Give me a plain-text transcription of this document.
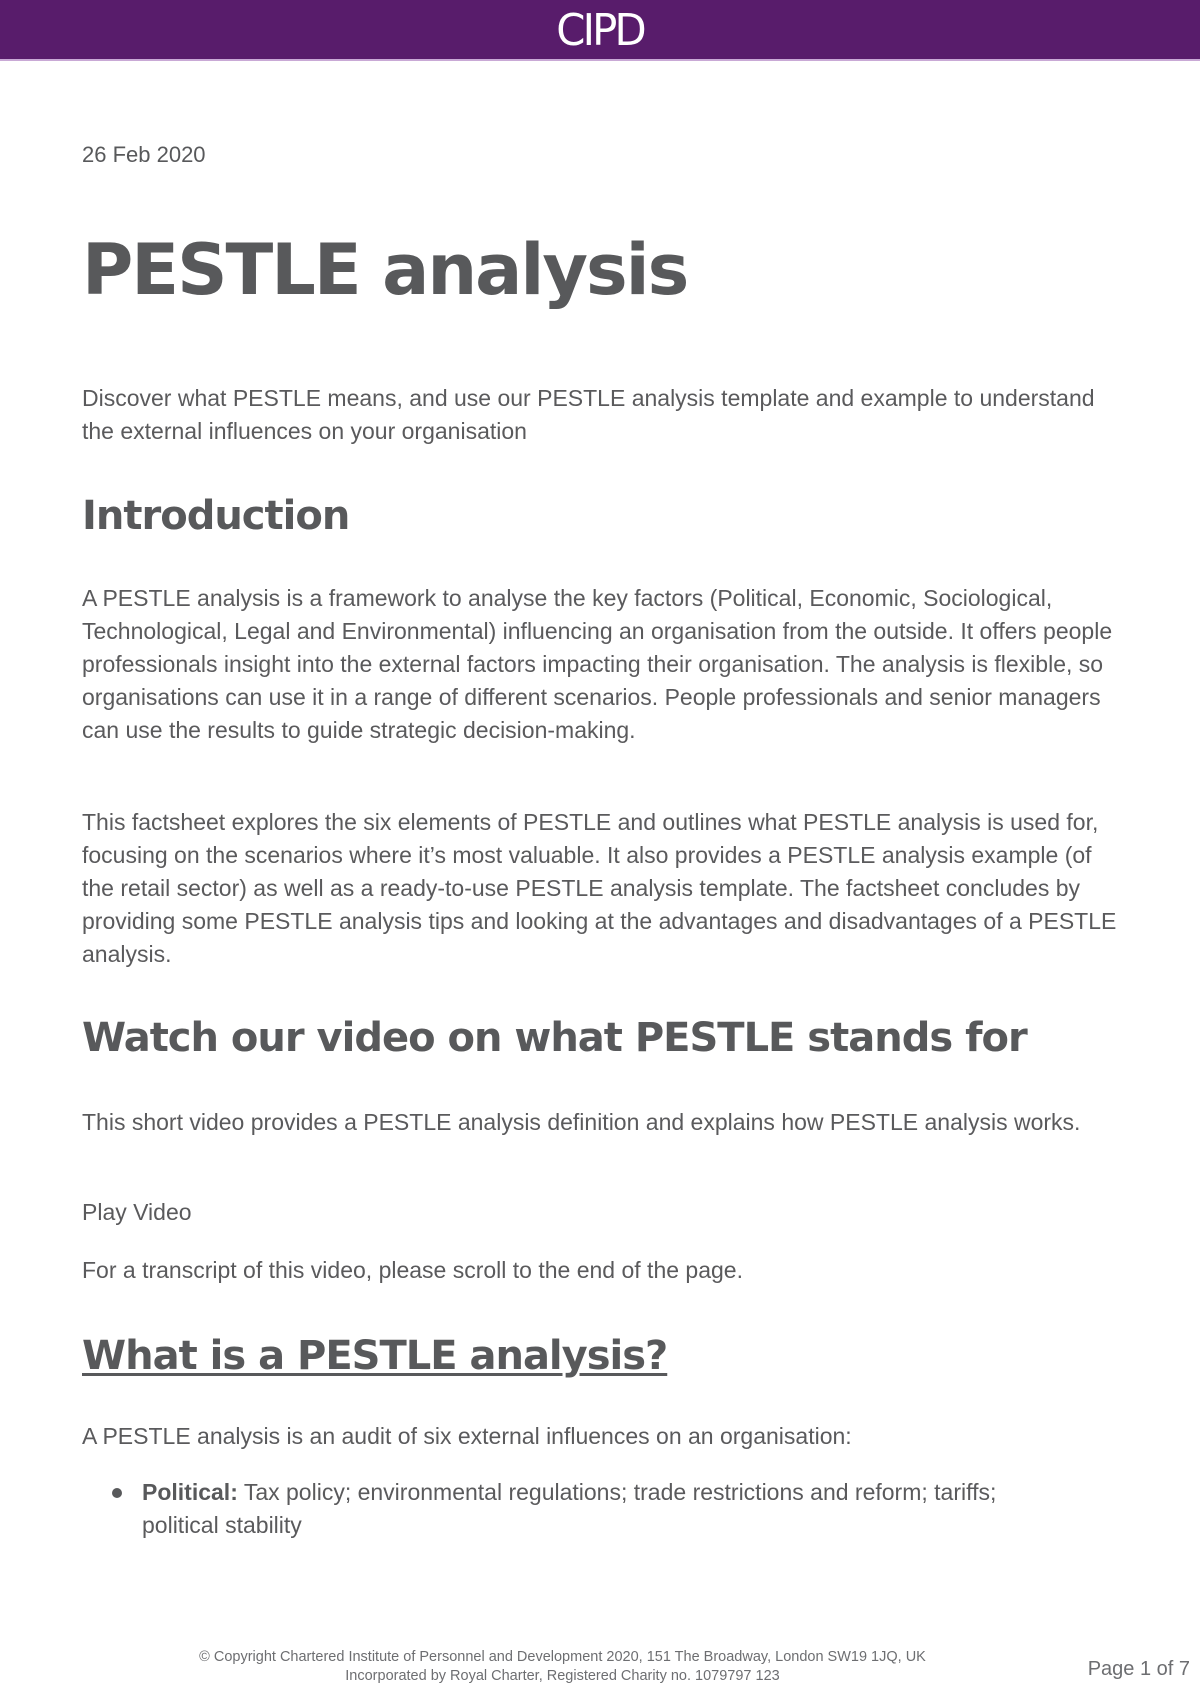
CIPD
26 Feb 2020
PESTLE analysis

Discover what PESTLE means, and use our PESTLE analysis template and example to understand the external influences on your organisation

Introduction

A PESTLE analysis is a framework to analyse the key factors (Political, Economic, Sociological, Technological, Legal and Environmental) influencing an organisation from the outside. It offers people professionals insight into the external factors impacting their organisation. The analysis is flexible, so organisations can use it in a range of different scenarios. People professionals and senior managers can use the results to guide strategic decision-making.

This factsheet explores the six elements of PESTLE and outlines what PESTLE analysis is used for, focusing on the scenarios where it’s most valuable. It also provides a PESTLE analysis example (of the retail sector) as well as a ready-to-use PESTLE analysis template. The factsheet concludes by providing some PESTLE analysis tips and looking at the advantages and disadvantages of a PESTLE analysis.

Watch our video on what PESTLE stands for

This short video provides a PESTLE analysis definition and explains how PESTLE analysis works.

Play Video

For a transcript of this video, please scroll to the end of the page.

What is a PESTLE analysis?

A PESTLE analysis is an audit of six external influences on an organisation:

Political: Tax policy; environmental regulations; trade restrictions and reform; tariffs; political stability
© Copyright Chartered Institute of Personnel and Development 2020, 151 The Broadway, London SW19 1JQ, UK
Incorporated by Royal Charter, Registered Charity no. 1079797 123	Page 1 of 7
